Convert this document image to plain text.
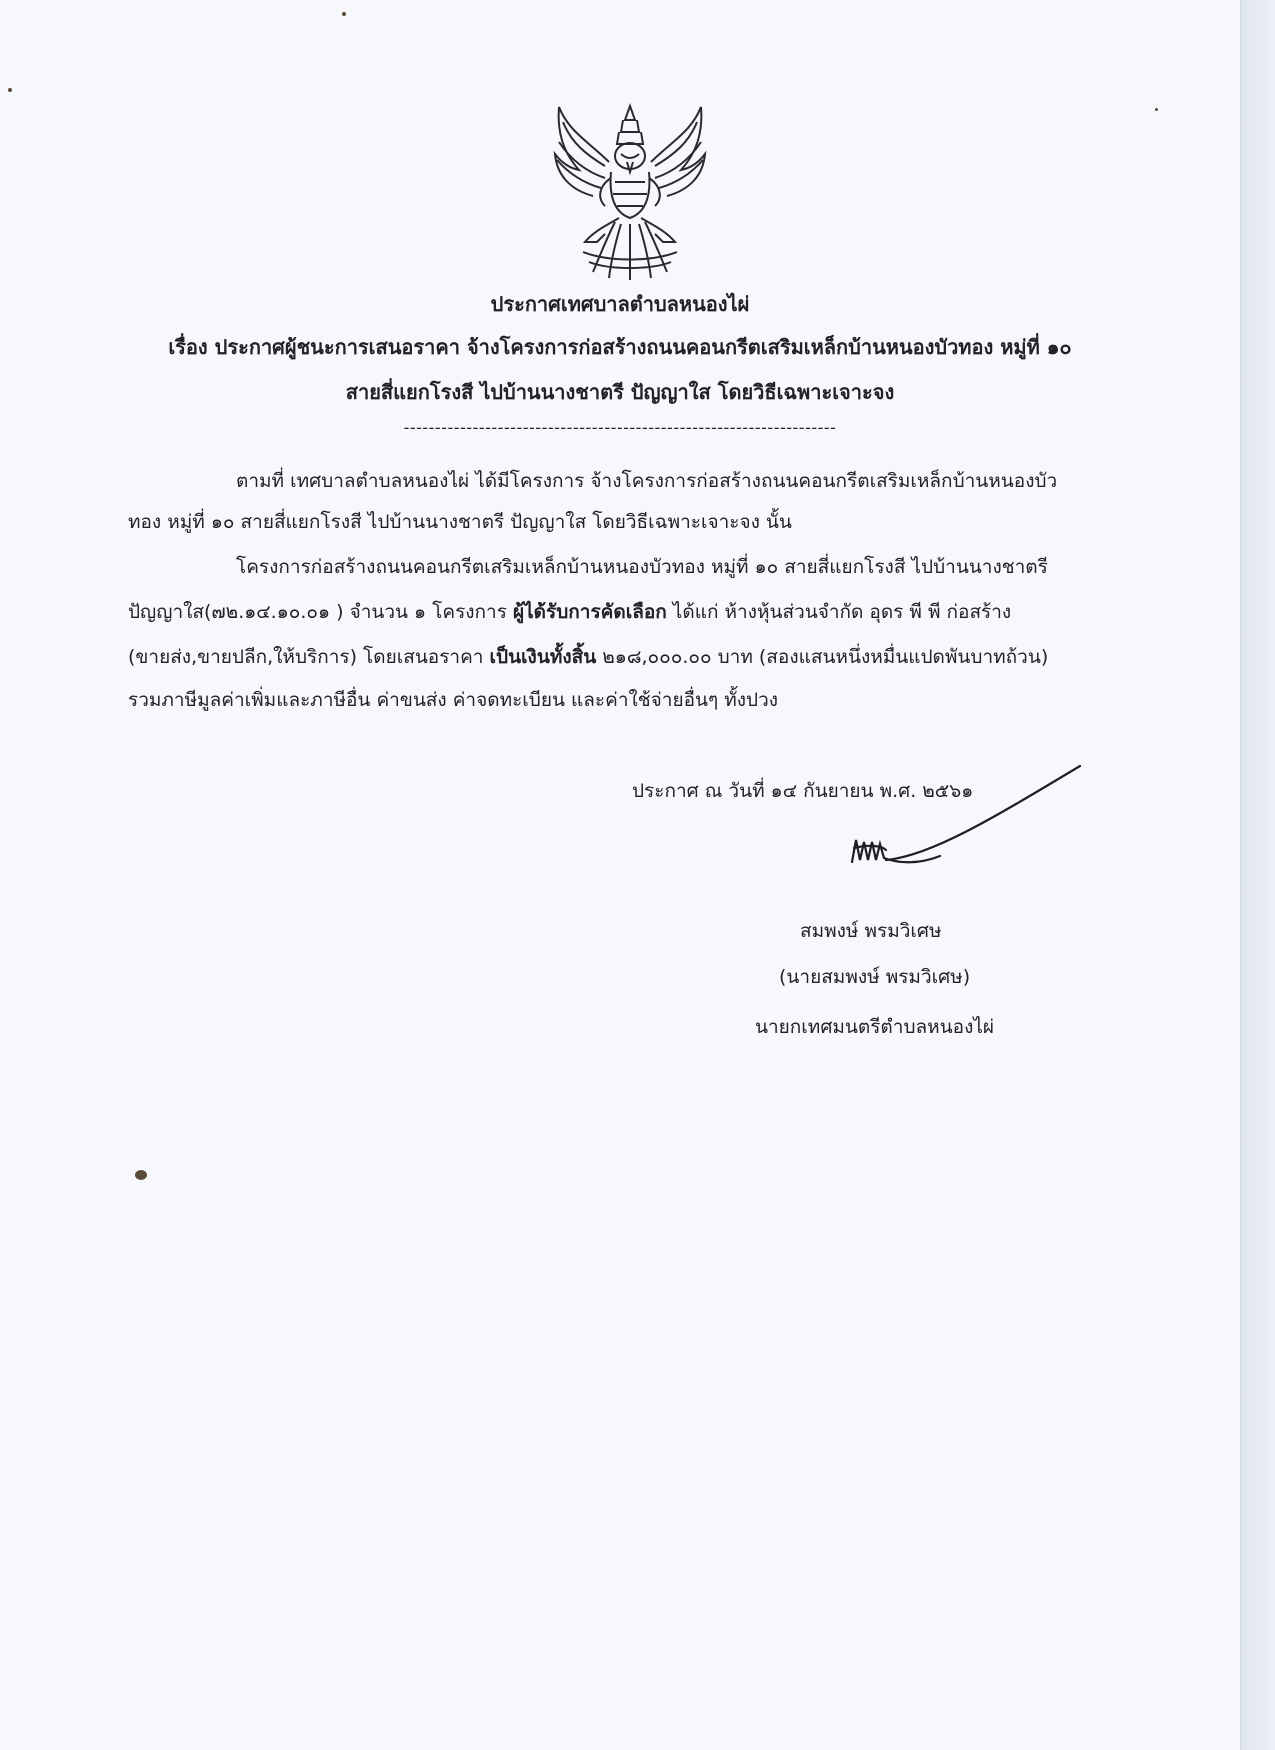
ประกาศเทศบาลตำบลหนองไผ่
เรื่อง ประกาศผู้ชนะการเสนอราคา จ้างโครงการก่อสร้างถนนคอนกรีตเสริมเหล็กบ้านหนองบัวทอง หมู่ที่ ๑๐
สายสี่แยกโรงสี ไปบ้านนางชาตรี ปัญญาใส โดยวิธีเฉพาะเจาะจง
---------------------------------------------------------------------
ตามที่ เทศบาลตำบลหนองไผ่ ได้มีโครงการ จ้างโครงการก่อสร้างถนนคอนกรีตเสริมเหล็กบ้านหนองบัว
ทอง หมู่ที่ ๑๐ สายสี่แยกโรงสี ไปบ้านนางชาตรี ปัญญาใส โดยวิธีเฉพาะเจาะจง นั้น
โครงการก่อสร้างถนนคอนกรีตเสริมเหล็กบ้านหนองบัวทอง หมู่ที่ ๑๐ สายสี่แยกโรงสี ไปบ้านนางชาตรี
ปัญญาใส(๗๒.๑๔.๑๐.๐๑ ) จำนวน ๑ โครงการ ผู้ได้รับการคัดเลือก ได้แก่ ห้างหุ้นส่วนจำกัด อุดร พี พี ก่อสร้าง
(ขายส่ง,ขายปลีก,ให้บริการ) โดยเสนอราคา เป็นเงินทั้งสิ้น ๒๑๘,๐๐๐.๐๐ บาท (สองแสนหนึ่งหมื่นแปดพันบาทถ้วน)
รวมภาษีมูลค่าเพิ่มและภาษีอื่น ค่าขนส่ง ค่าจดทะเบียน และค่าใช้จ่ายอื่นๆ ทั้งปวง
ประกาศ ณ วันที่ ๑๔ กันยายน พ.ศ. ๒๕๖๑
สมพงษ์ พรมวิเศษ
(นายสมพงษ์ พรมวิเศษ)
นายกเทศมนตรีตำบลหนองไผ่
